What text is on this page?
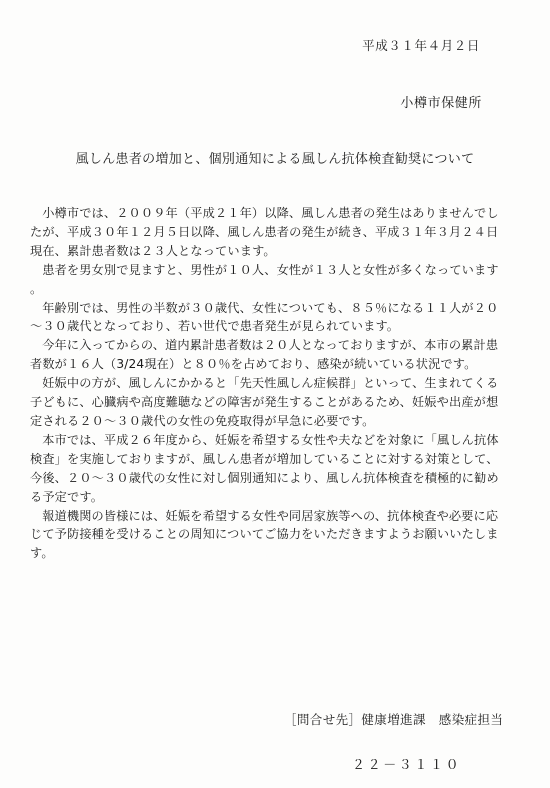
平成３１年４月２日
小樽市保健所
風しん患者の増加と、個別通知による風しん抗体検査勧奨について

小樽市では、２００９年（平成２１年）以降、風しん患者の発生はありませんでしたが、平成３０年１２月５日以降、風しん患者の発生が続き、平成３１年３月２４日現在、累計患者数は２３人となっています。

患者を男女別で見ますと、男性が１０人、女性が１３人と女性が多くなっています。

年齢別では、男性の半数が３０歳代、女性についても、８５％になる１１人が２０～３０歳代となっており、若い世代で患者発生が見られています。

今年に入ってからの、道内累計患者数は２０人となっておりますが、本市の累計患者数が１６人（3/24現在）と８０％を占めており、感染が続いている状況です。

妊娠中の方が、風しんにかかると「先天性風しん症候群」といって、生まれてくる子どもに、心臓病や高度難聴などの障害が発生することがあるため、妊娠や出産が想定される２０～３０歳代の女性の免疫取得が早急に必要です。

本市では、平成２６年度から、妊娠を希望する女性や夫などを対象に「風しん抗体検査」を実施しておりますが、風しん患者が増加していることに対する対策として、今後、２０～３０歳代の女性に対し個別通知により、風しん抗体検査を積極的に勧める予定です。

報道機関の皆様には、妊娠を希望する女性や同居家族等への、抗体検査や必要に応じて予防接種を受けることの周知についてご協力をいただきますようお願いいたします。

［問合せ先］健康増進課　感染症担当
２２－３１１０
